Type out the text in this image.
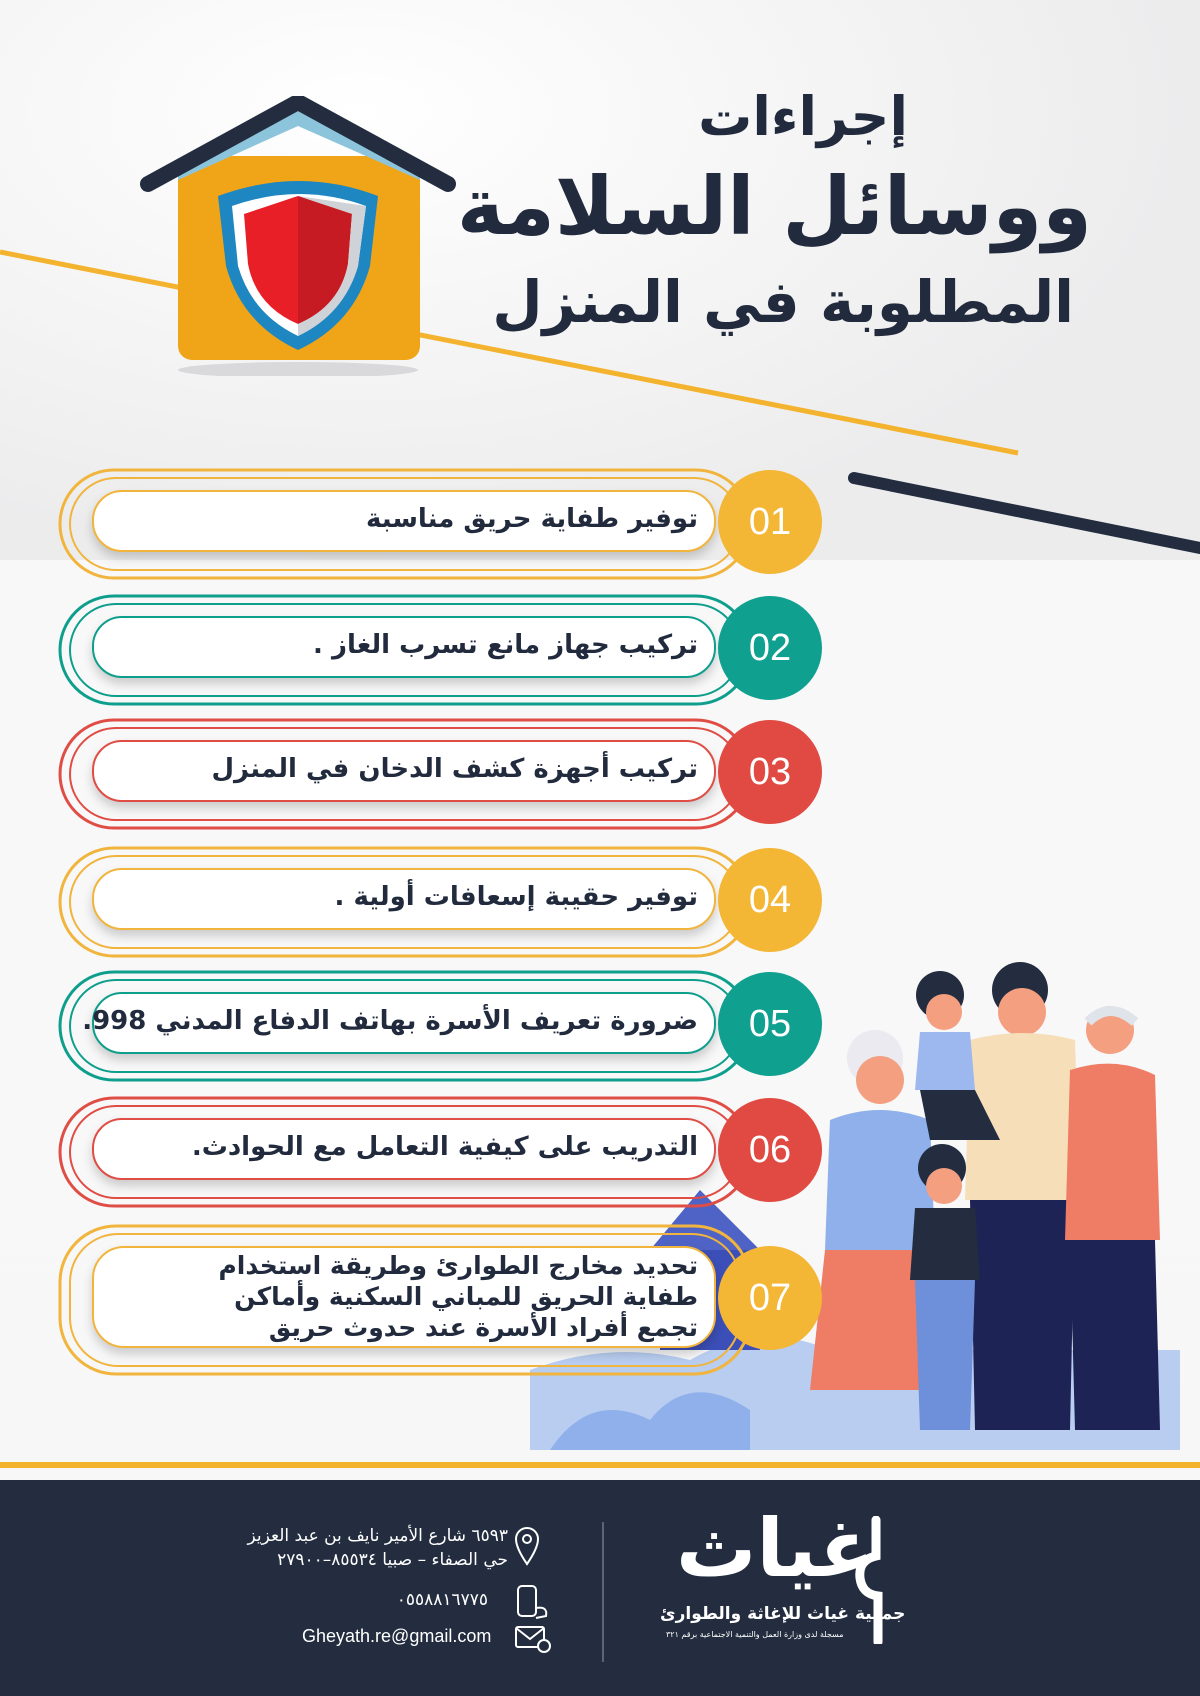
إجراءات
ووسائل السلامة
المطلوبة في المنزل
توفير طفاية حريق مناسبة	01
تركيب جهاز مانع تسرب الغاز .	02
تركيب أجهزة كشف الدخان في المنزل	03
توفير حقيبة إسعافات أولية .	04
ضرورة تعريف الأسرة بهاتف الدفاع المدني 998.	05
التدريب على كيفية التعامل مع الحوادث.	06
تحديد مخارج الطوارئ وطريقة استخدام
طفاية الحريق للمباني السكنية وأماكن
تجمع أفراد الأسرة عند حدوث حريق
07
غياث
جمعية غياث للإغاثة والطوارئ
مسجلة لدى وزارة العمل والتنمية الاجتماعية برقم ٣٢١
٦٥٩٣ شارع الأمير نايف بن عبد العزيز
حي الصفاء – صبيا ٨٥٥٣٤–٢٧٩٠٠
٠٥٥٨٨١٦٧٧٥
Gheyath.re@gmail.com
